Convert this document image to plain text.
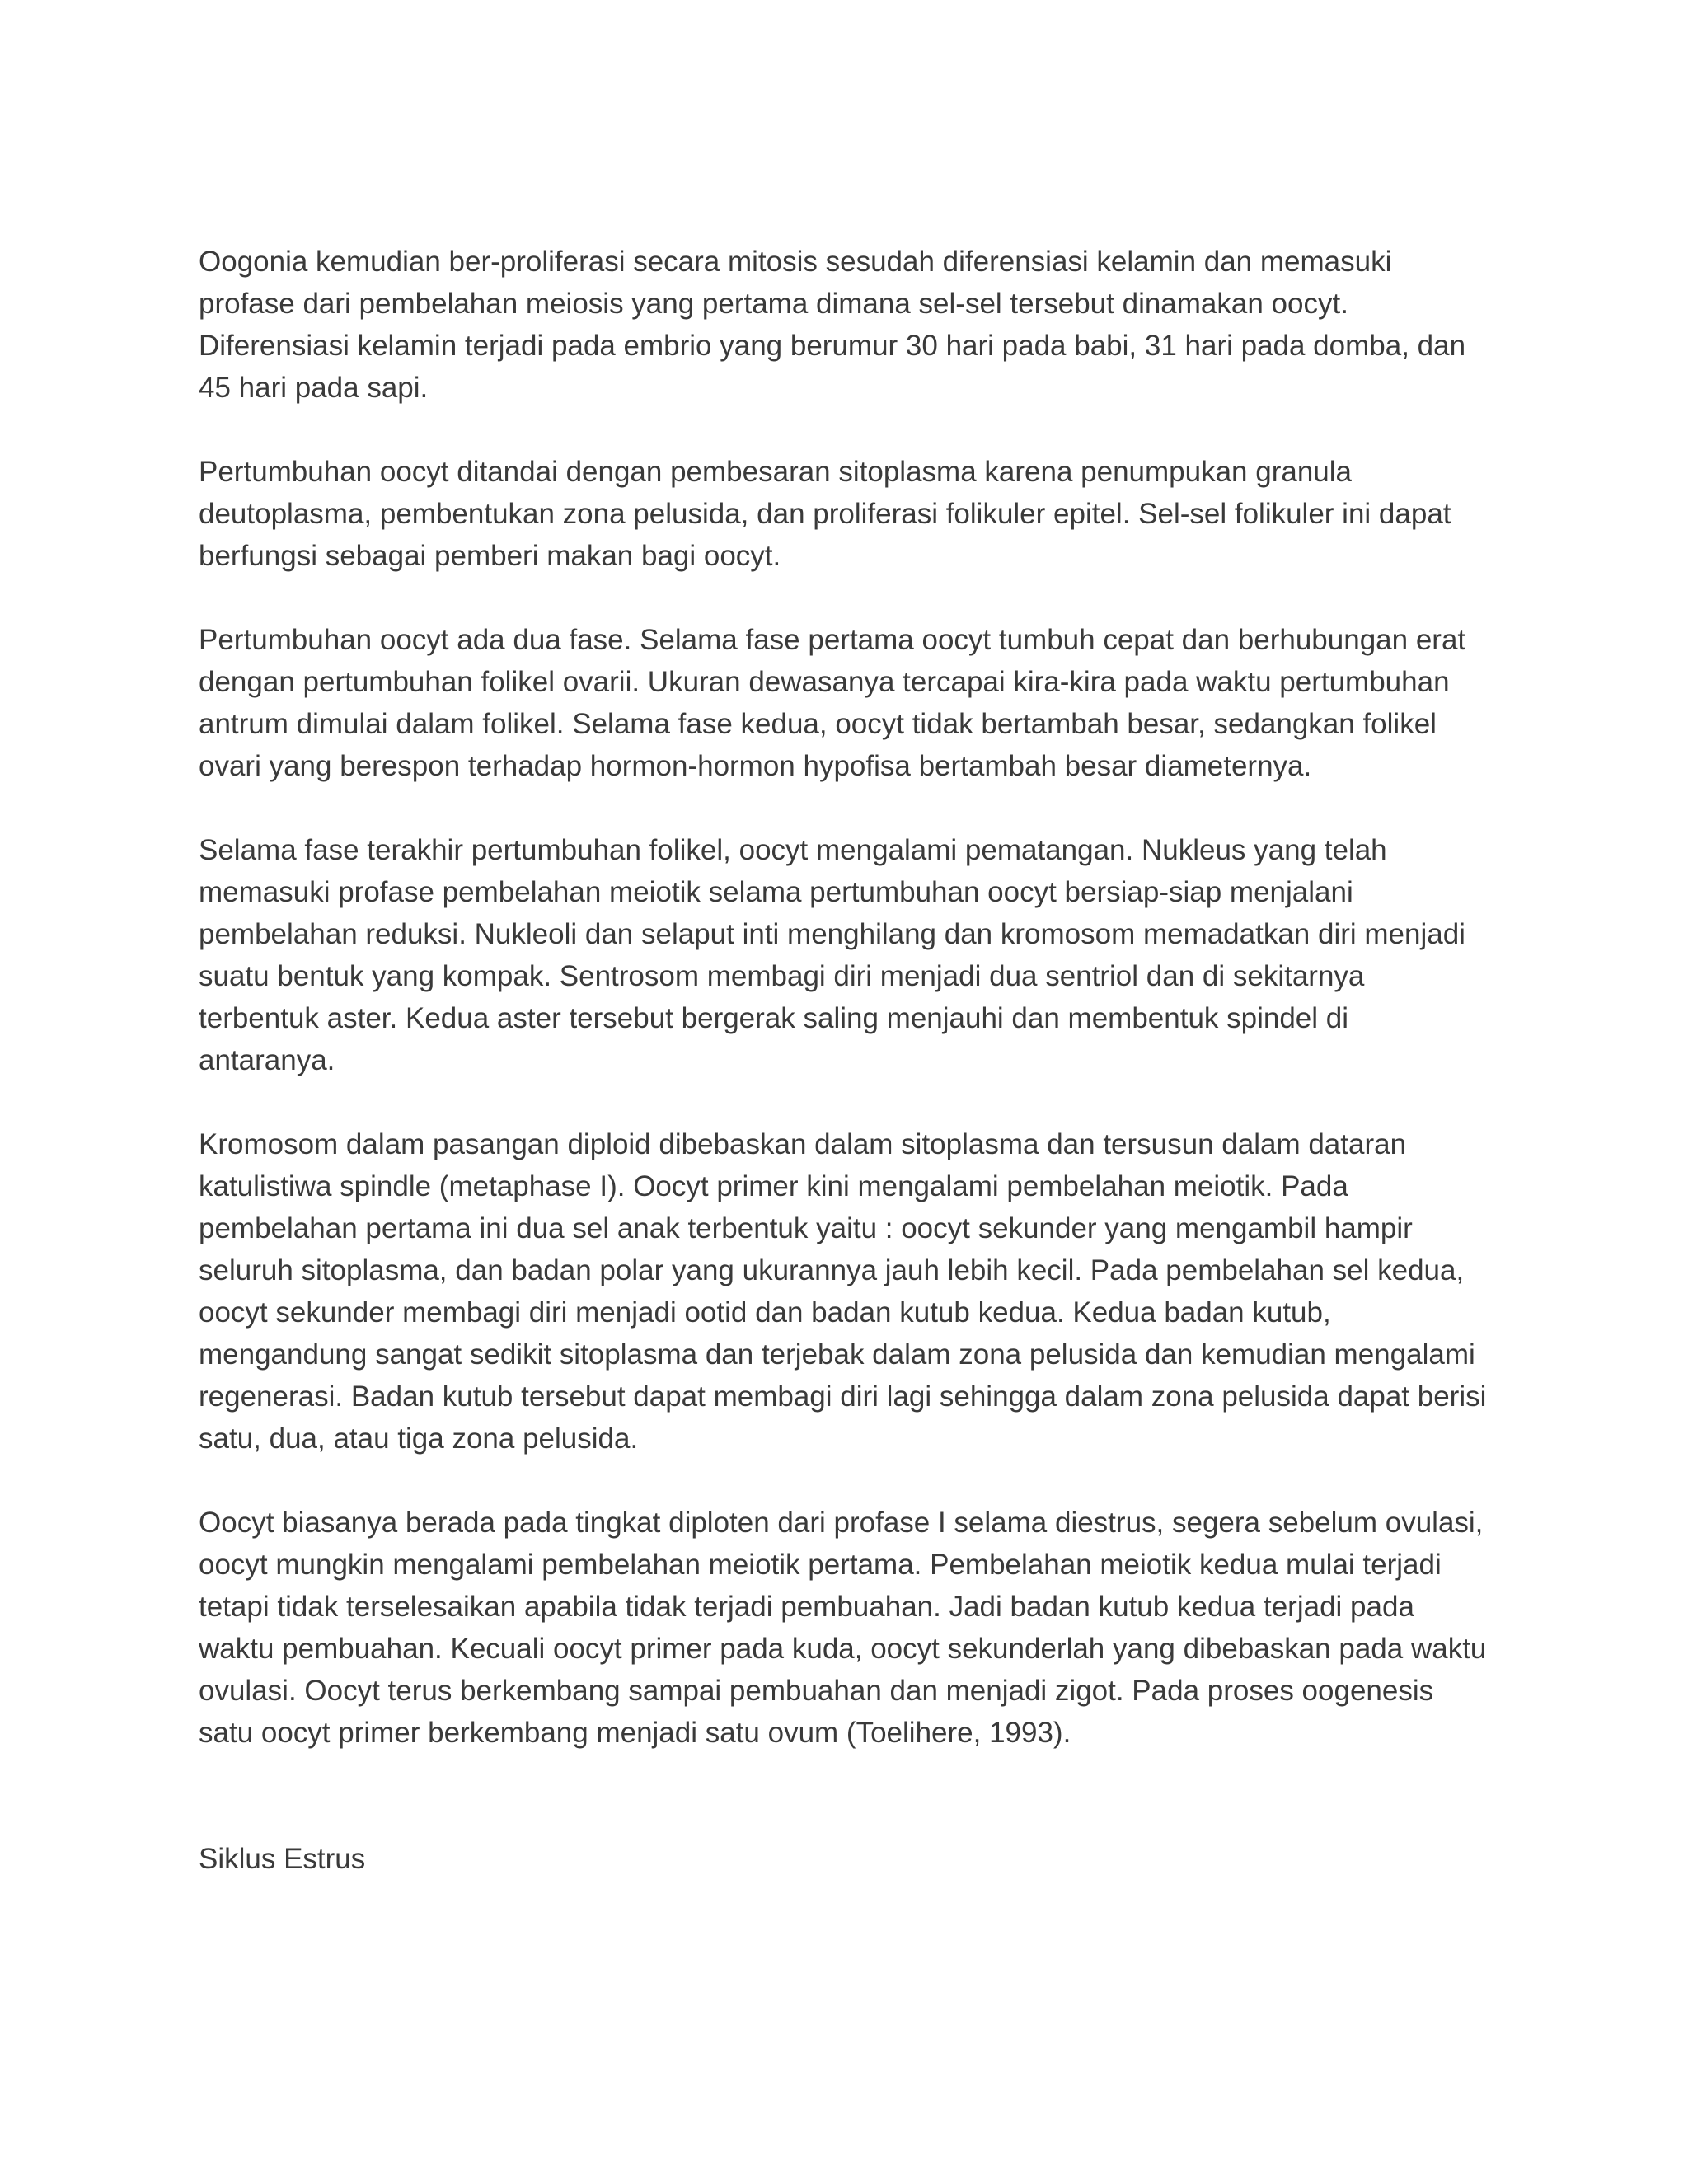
Oogonia kemudian ber-proliferasi secara mitosis sesudah diferensiasi kelamin dan memasuki profase dari pembelahan meiosis yang pertama dimana sel-sel tersebut dinamakan oocyt. Diferensiasi kelamin terjadi pada embrio yang berumur 30 hari pada babi, 31 hari pada domba, dan 45 hari pada sapi.

Pertumbuhan oocyt ditandai dengan pembesaran sitoplasma karena penumpukan granula deutoplasma, pembentukan zona pelusida, dan proliferasi folikuler epitel. Sel-sel folikuler ini dapat berfungsi sebagai pemberi makan bagi oocyt.

Pertumbuhan oocyt ada dua fase. Selama fase pertama oocyt tumbuh cepat dan berhubungan erat dengan pertumbuhan folikel ovarii. Ukuran dewasanya tercapai kira-kira pada waktu pertumbuhan antrum dimulai dalam folikel. Selama fase kedua, oocyt tidak bertambah besar, sedangkan folikel ovari yang berespon terhadap hormon-hormon hypofisa bertambah besar diameternya.

Selama fase terakhir pertumbuhan folikel, oocyt mengalami pematangan. Nukleus yang telah memasuki profase pembelahan meiotik selama pertumbuhan oocyt bersiap-siap menjalani pembelahan reduksi. Nukleoli dan selaput inti menghilang dan kromosom memadatkan diri menjadi suatu bentuk yang kompak. Sentrosom membagi diri menjadi dua sentriol dan di sekitarnya terbentuk aster. Kedua aster tersebut bergerak saling menjauhi dan membentuk spindel di antaranya.

Kromosom dalam pasangan diploid dibebaskan dalam sitoplasma dan tersusun dalam dataran katulistiwa spindle (metaphase I). Oocyt primer kini mengalami pembelahan meiotik. Pada pembelahan pertama ini dua sel anak terbentuk yaitu : oocyt sekunder yang mengambil hampir seluruh sitoplasma, dan badan polar yang ukurannya jauh lebih kecil. Pada pembelahan sel kedua, oocyt sekunder membagi diri menjadi ootid dan badan kutub kedua. Kedua badan kutub, mengandung sangat sedikit sitoplasma dan terjebak dalam zona pelusida dan kemudian mengalami regenerasi. Badan kutub tersebut dapat membagi diri lagi sehingga dalam zona pelusida dapat berisi satu, dua, atau tiga zona pelusida.

Oocyt biasanya berada pada tingkat diploten dari profase I selama diestrus, segera sebelum ovulasi, oocyt mungkin mengalami pembelahan meiotik pertama. Pembelahan meiotik kedua mulai terjadi tetapi tidak terselesaikan apabila tidak terjadi pembuahan. Jadi badan kutub kedua terjadi pada waktu pembuahan. Kecuali oocyt primer pada kuda, oocyt sekunderlah yang dibebaskan pada waktu ovulasi. Oocyt terus berkembang sampai pembuahan dan menjadi zigot. Pada proses oogenesis satu oocyt primer berkembang menjadi satu ovum (Toelihere, 1993).

Siklus Estrus
